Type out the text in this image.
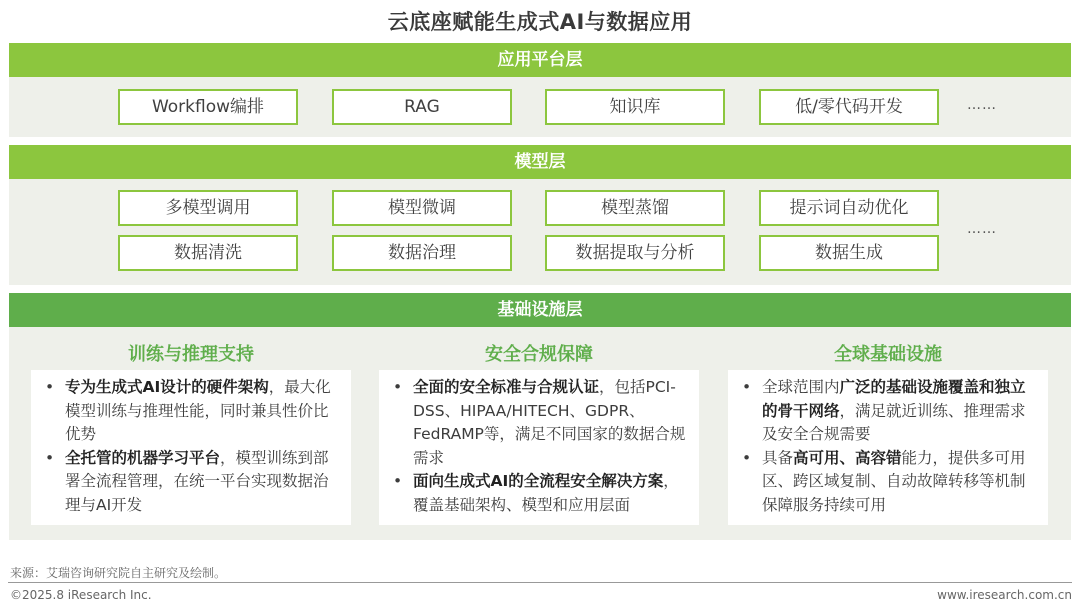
云底座赋能生成式AI与数据应用
应用平台层
Workflow编排	RAG	知识库	低/零代码开发	……
模型层
多模型调用	模型微调	模型蒸馏	提示词自动优化
数据清洗	数据治理	数据提取与分析	数据生成
……
基础设施层
训练与推理支持	安全合规保障	全球基础设施
• 专为生成式AI设计的硬件架构，最大化模型训练与推理性能，同时兼具性价比优势
• 全托管的机器学习平台，模型训练到部署全流程管理，在统一平台实现数据治理与AI开发
• 全面的安全标准与合规认证，包括PCI-DSS、HIPAA/HITECH、GDPR、FedRAMP等，满足不同国家的数据合规需求
• 面向生成式AI的全流程安全解决方案，覆盖基础架构、模型和应用层面
• 全球范围内广泛的基础设施覆盖和独立的骨干网络，满足就近训练、推理需求及安全合规需要
• 具备高可用、高容错能力，提供多可用区、跨区域复制、自动故障转移等机制保障服务持续可用
来源：艾瑞咨询研究院自主研究及绘制。
©2025.8 iResearch Inc.	www.iresearch.com.cn
